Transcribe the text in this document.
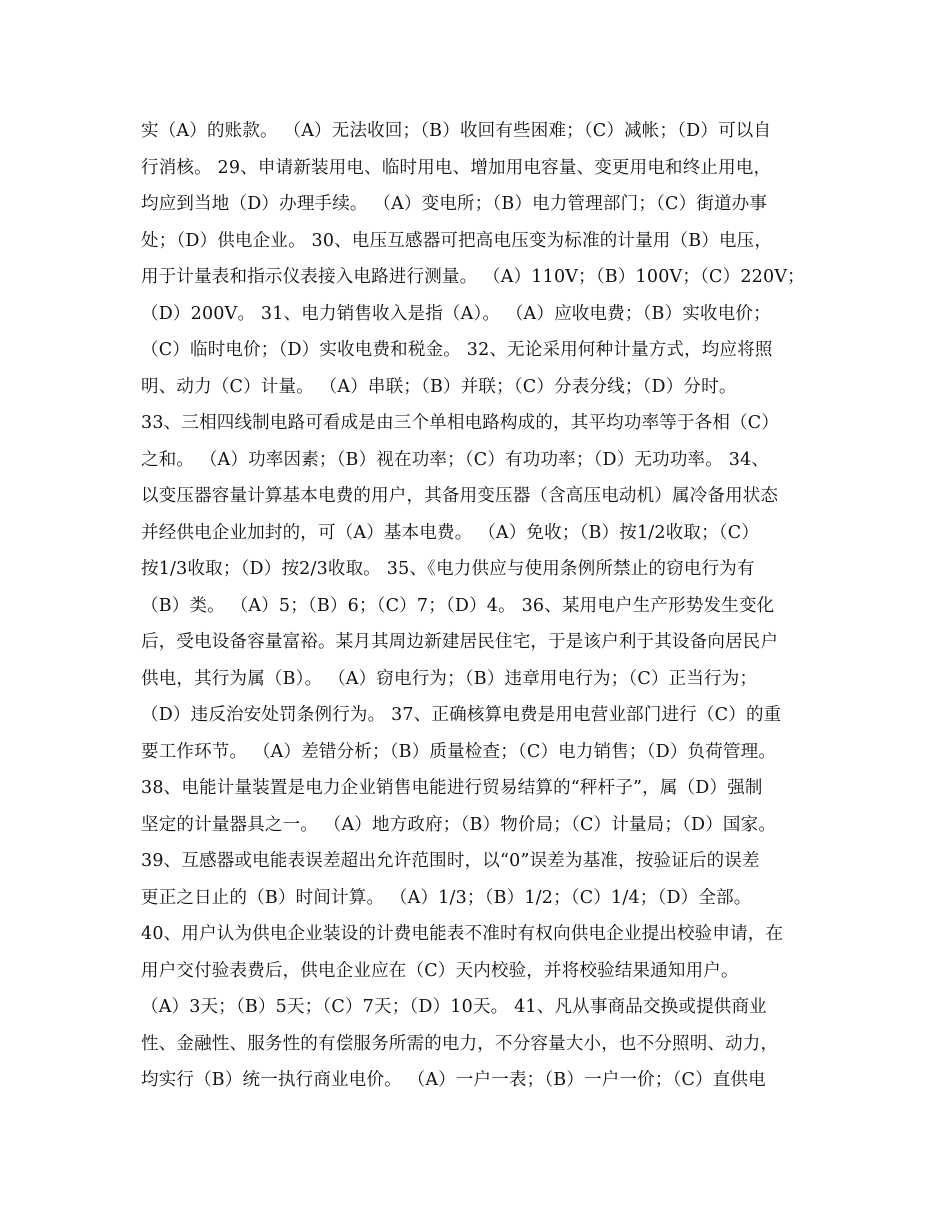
实（A）的账款。 （A）无法收回；（B）收回有些困难；（C）减帐；（D）可以自
行消核。 29、申请新装用电、临时用电、增加用电容量、变更用电和终止用电，
均应到当地（D）办理手续。 （A）变电所；（B）电力管理部门；（C）街道办事
处；（D）供电企业。 30、电压互感器可把高电压变为标准的计量用（B）电压，
用于计量表和指示仪表接入电路进行测量。 （A）110V；（B）100V；（C）220V；
（D）200V。 31、电力销售收入是指（A）。 （A）应收电费；（B）实收电价；
（C）临时电价；（D）实收电费和税金。 32、无论采用何种计量方式，均应将照
明、动力（C）计量。 （A）串联；（B）并联；（C）分表分线；（D）分时。
33、三相四线制电路可看成是由三个单相电路构成的，其平均功率等于各相（C）
之和。 （A）功率因素；（B）视在功率；（C）有功功率；（D）无功功率。 34、
以变压器容量计算基本电费的用户，其备用变压器（含高压电动机）属冷备用状态
并经供电企业加封的，可（A）基本电费。 （A）免收；（B）按1/2收取；（C）
按1/3收取；（D）按2/3收取。 35、《电力供应与使用条例所禁止的窃电行为有
（B）类。 （A）5；（B）6；（C）7；（D）4。 36、某用电户生产形势发生变化
后，受电设备容量富裕。某月其周边新建居民住宅，于是该户利于其设备向居民户
供电，其行为属（B）。 （A）窃电行为；（B）违章用电行为；（C）正当行为；
（D）违反治安处罚条例行为。 37、正确核算电费是用电营业部门进行（C）的重
要工作环节。 （A）差错分析；（B）质量检查；（C）电力销售；（D）负荷管理。
38、电能计量装置是电力企业销售电能进行贸易结算的“秤杆子”，属（D）强制
坚定的计量器具之一。 （A）地方政府；（B）物价局；（C）计量局；（D）国家。
39、互感器或电能表误差超出允许范围时，以“0”误差为基准，按验证后的误差
更正之日止的（B）时间计算。 （A）1/3；（B）1/2；（C）1/4；（D）全部。
40、用户认为供电企业装设的计费电能表不准时有权向供电企业提出校验申请，在
用户交付验表费后，供电企业应在（C）天内校验，并将校验结果通知用户。
（A）3天；（B）5天；（C）7天；（D）10天。 41、凡从事商品交换或提供商业
性、金融性、服务性的有偿服务所需的电力，不分容量大小，也不分照明、动力，
均实行（B）统一执行商业电价。 （A）一户一表；（B）一户一价；（C）直供电
